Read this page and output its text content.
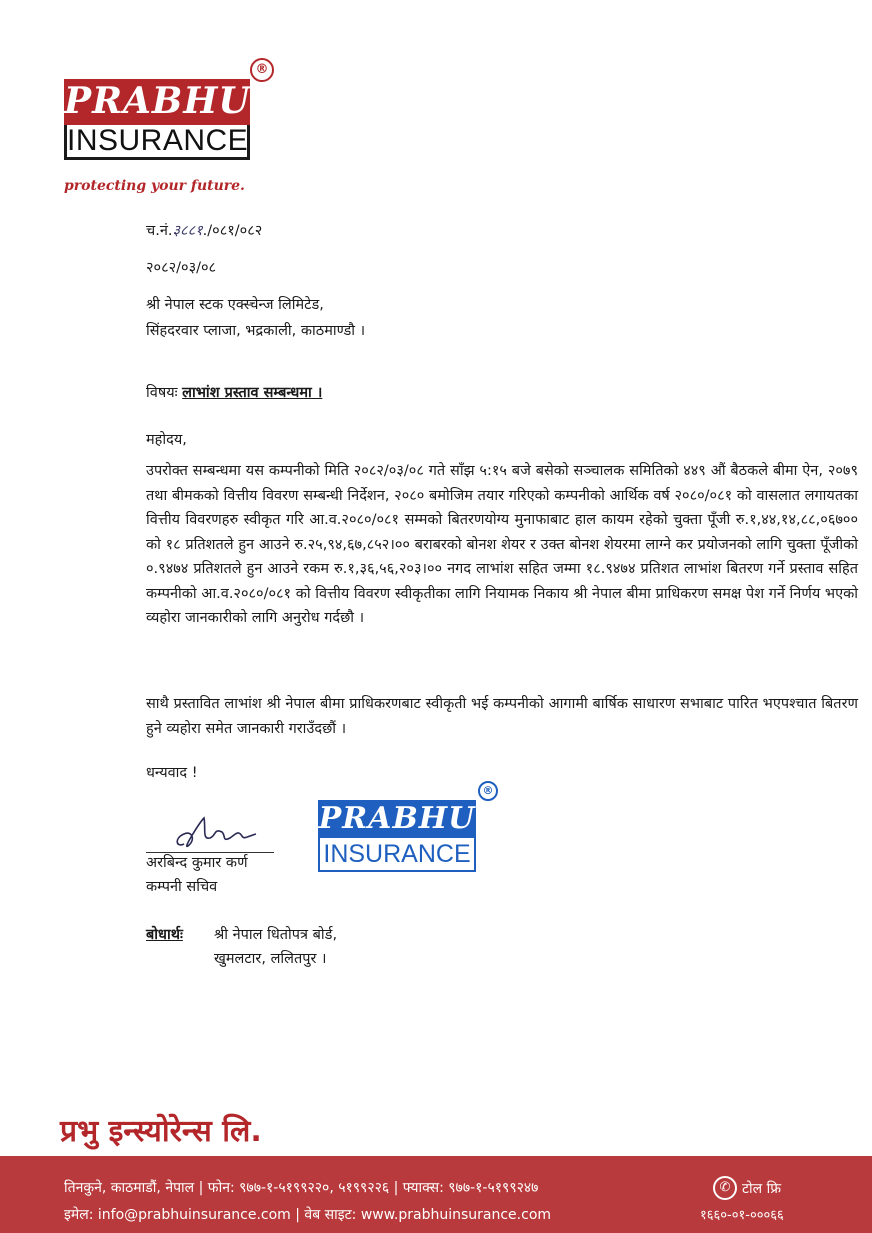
PRABHU
INSURANCE
®
protecting your future.
च.नं.३८८१./०८१/०८२
२०८२/०३/०८
श्री नेपाल स्टक एक्स्चेन्ज लिमिटेड,
सिंहदरवार प्लाजा, भद्रकाली, काठमाण्डौ ।
विषयः लाभांश प्रस्ताव सम्बन्धमा ।
महोदय,
उपरोक्त सम्बन्धमा यस कम्पनीको मिति २०८२/०३/०८ गते साँझ ५:१५ बजे बसेको सञ्चालक समितिको ४४९ औं बैठकले बीमा ऐन, २०७९ तथा बीमकको वित्तीय विवरण सम्बन्धी निर्देशन, २०८० बमोजिम तयार गरिएको कम्पनीको आर्थिक वर्ष २०८०/०८१ को वासलात लगायतका वित्तीय विवरणहरु स्वीकृत गरि आ.व.२०८०/०८१ सम्मको बितरणयोग्य मुनाफाबाट हाल कायम रहेको चुक्ता पूँजी रु.१,४४,१४,८८,०६७०० को १८ प्रतिशतले हुन आउने रु.२५,९४,६७,८५२।०० बराबरको बोनश शेयर र उक्त बोनश शेयरमा लाग्ने कर प्रयोजनको लागि चुक्ता पूँजीको ०.९४७४ प्रतिशतले हुन आउने रकम रु.१,३६,५६,२०३।०० नगद लाभांश सहित जम्मा १८.९४७४ प्रतिशत लाभांश बितरण गर्ने प्रस्ताव सहित कम्पनीको आ.व.२०८०/०८१ को वित्तीय विवरण स्वीकृतीका लागि नियामक निकाय श्री नेपाल बीमा प्राधिकरण समक्ष पेश गर्ने निर्णय भएको व्यहोरा जानकारीको लागि अनुरोध गर्दछौ ।
साथै प्रस्तावित लाभांश श्री नेपाल बीमा प्राधिकरणबाट स्वीकृती भई कम्पनीको आगामी बार्षिक साधारण सभाबाट पारित भएपश्चात बितरण हुने व्यहोरा समेत जानकारी गराउँदछौं ।
धन्यवाद !
अरबिन्द कुमार कर्ण
कम्पनी सचिव
PRABHU
INSURANCE
®
बोधार्थः श्री नेपाल धितोपत्र बोर्ड,
खुमलटार, ललितपुर ।
प्रभु इन्स्योरेन्स लि.
तिनकुने, काठमाडौं, नेपाल | फोन: ९७७-१-५१९९२२०, ५१९९२२६ | फ्याक्स: ९७७-१-५१९९२४७
इमेल: info@prabhuinsurance.com | वेब साइट: www.prabhuinsurance.com
✆ टोल फ्रि
१६६०-०१-०००६६
